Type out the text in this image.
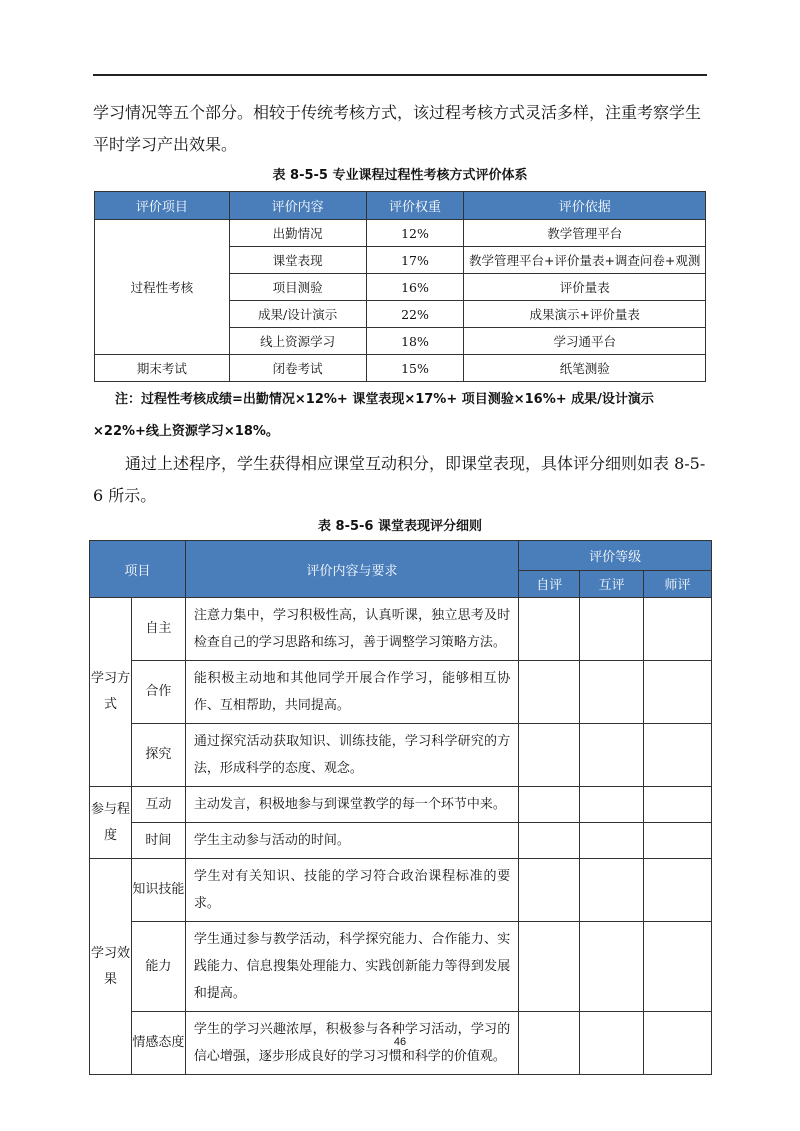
学习情况等五个部分。相较于传统考核方式，该过程考核方式灵活多样，注重考察学生平时学习产出效果。

表 8-5-5 专业课程过程性考核方式评价体系
评价项目	评价内容	评价权重	评价依据
过程性考核	出勤情况	12%	教学管理平台
	课堂表现	17%	教学管理平台+评价量表+调查问卷+观测
	项目测验	16%	评价量表
	成果/设计演示	22%	成果演示+评价量表
	线上资源学习	18%	学习通平台
期末考试	闭卷考试	15%	纸笔测验

注：过程性考核成绩=出勤情况×12%+ 课堂表现×17%+ 项目测验×16%+ 成果/设计演示×22%+线上资源学习×18%。

通过上述程序，学生获得相应课堂互动积分，即课堂表现，具体评分细则如表 8-5-6 所示。

表 8-5-6 课堂表现评分细则
项目		评价内容与要求	评价等级		
			自评	互评	师评
学习方式	自主	注意力集中，学习积极性高，认真听课，独立思考及时检查自己的学习思路和练习，善于调整学习策略方法。			
	合作	能积极主动地和其他同学开展合作学习，能够相互协作、互相帮助，共同提高。			
	探究	通过探究活动获取知识、训练技能，学习科学研究的方法，形成科学的态度、观念。			
参与程度	互动	主动发言，积极地参与到课堂教学的每一个环节中来。			
	时间	学生主动参与活动的时间。			
学习效果	知识技能	学生对有关知识、技能的学习符合政治课程标准的要求。			
	能力	学生通过参与教学活动，科学探究能力、合作能力、实践能力、信息搜集处理能力、实践创新能力等得到发展和提高。			
	情感态度	学生的学习兴趣浓厚，积极参与各种学习活动，学习的信心增强，逐步形成良好的学习习惯和科学的价值观。			
46
